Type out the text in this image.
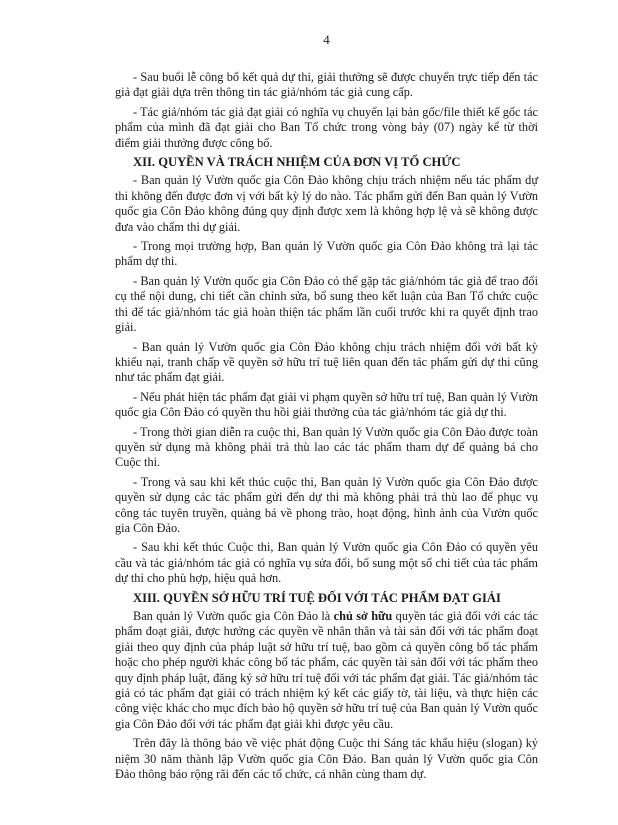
4

- Sau buổi lễ công bố kết quả dự thi, giải thưởng sẽ được chuyển trực tiếp đến tác giả đạt giải dựa trên thông tin tác giả/nhóm tác giả cung cấp.

- Tác giả/nhóm tác giả đạt giải có nghĩa vụ chuyển lại bản gốc/file thiết kế gốc tác phẩm của mình đã đạt giải cho Ban Tổ chức trong vòng bảy (07) ngày kể từ thời điểm giải thưởng được công bố.

XII. QUYỀN VÀ TRÁCH NHIỆM CỦA ĐƠN VỊ TỔ CHỨC

- Ban quản lý Vườn quốc gia Côn Đảo không chịu trách nhiệm nếu tác phẩm dự thi không đến được đơn vị với bất kỳ lý do nào. Tác phẩm gửi đến Ban quản lý Vườn quốc gia Côn Đảo không đúng quy định được xem là không hợp lệ và sẽ không được đưa vào chấm thi dự giải.

- Trong mọi trường hợp, Ban quản lý Vườn quốc gia Côn Đảo không trả lại tác phẩm dự thi.

- Ban quản lý Vườn quốc gia Côn Đảo có thể gặp tác giả/nhóm tác giả để trao đổi cụ thể nội dung, chi tiết cần chỉnh sửa, bổ sung theo kết luận của Ban Tổ chức cuộc thi để tác giả/nhóm tác giả hoàn thiện tác phẩm lần cuối trước khi ra quyết định trao giải.

- Ban quản lý Vườn quốc gia Côn Đảo không chịu trách nhiệm đối với bất kỳ khiếu nại, tranh chấp về quyền sở hữu trí tuệ liên quan đến tác phẩm gửi dự thi cũng như tác phẩm đạt giải.

- Nếu phát hiện tác phẩm đạt giải vi phạm quyền sở hữu trí tuệ, Ban quản lý Vườn quốc gia Côn Đảo có quyền thu hồi giải thưởng của tác giả/nhóm tác giả dự thi.

- Trong thời gian diễn ra cuộc thi, Ban quản lý Vườn quốc gia Côn Đảo được toàn quyền sử dụng mà không phải trả thù lao các tác phẩm tham dự để quảng bá cho Cuộc thi.

- Trong và sau khi kết thúc cuộc thi, Ban quản lý Vườn quốc gia Côn Đảo được quyền sử dụng các tác phẩm gửi đến dự thi mà không phải trả thù lao để phục vụ công tác tuyên truyền, quảng bá về phong trào, hoạt động, hình ảnh của Vườn quốc gia Côn Đảo.

- Sau khi kết thúc Cuộc thi, Ban quản lý Vườn quốc gia Côn Đảo có quyền yêu cầu và tác giả/nhóm tác giả có nghĩa vụ sửa đổi, bổ sung một số chi tiết của tác phẩm dự thi cho phù hợp, hiệu quả hơn.

XIII. QUYỀN SỞ HỮU TRÍ TUỆ ĐỐI VỚI TÁC PHẨM ĐẠT GIẢI

Ban quản lý Vườn quốc gia Côn Đảo là chủ sở hữu quyền tác giả đối với các tác phẩm đoạt giải, được hưởng các quyền về nhân thân và tài sản đối với tác phẩm đoạt giải theo quy định của pháp luật sở hữu trí tuệ, bao gồm cả quyền công bố tác phẩm hoặc cho phép người khác công bố tác phẩm, các quyền tài sản đối với tác phẩm theo quy định pháp luật, đăng ký sở hữu trí tuệ đối với tác phẩm đạt giải. Tác giả/nhóm tác giả có tác phẩm đạt giải có trách nhiệm ký kết các giấy tờ, tài liệu, và thực hiện các công việc khác cho mục đích bảo hộ quyền sở hữu trí tuệ của Ban quản lý Vườn quốc gia Côn Đảo đối với tác phẩm đạt giải khi được yêu cầu.

Trên đây là thông báo về việc phát động Cuộc thi Sáng tác khẩu hiệu (slogan) kỷ niệm 30 năm thành lập Vườn quốc gia Côn Đảo. Ban quản lý Vườn quốc gia Côn Đảo thông báo rộng rãi đến các tổ chức, cá nhân cùng tham dự.
